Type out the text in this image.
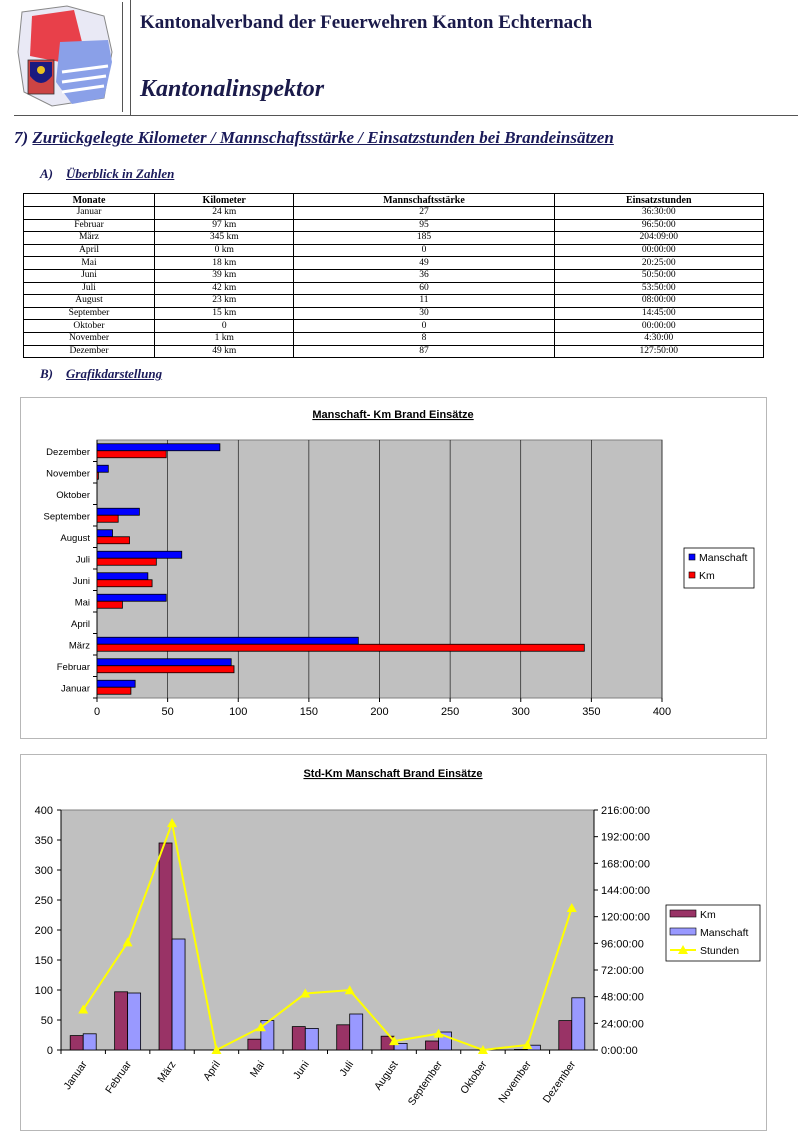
Kantonalverband der Feuerwehren Kanton Echternach
Kantonalinspektor
7) Zurückgelegte Kilometer / Mannschaftsstärke / Einsatzstunden bei Brandeinsätzen
A) Überblick in Zahlen
Monate	Kilometer	Mannschaftsstärke	Einsatzstunden
Januar	24 km	27	36:30:00
Februar	97 km	95	96:50:00
März	345 km	185	204:09:00
April	0 km	0	00:00:00
Mai	18 km	49	20:25:00
Juni	39 km	36	50:50:00
Juli	42 km	60	53:50:00
August	23 km	11	08:00:00
September	15 km	30	14:45:00
Oktober	0	0	00:00:00
November	1 km	8	4:30:00
Dezember	49 km	87	127:50:00
B) Grafikdarstellung
Manschaft- Km Brand Einsätze
0	50	100	150	200	250	300	350	400
Januar
Februar
März
April
Mai
Juni
Juli
August
September
Oktober
November
Dezember
Manschaft
Km
Std-Km Manschaft Brand Einsätze
0
50
100
150
200
250
300
350
400
0:00:00
24:00:00
48:00:00
72:00:00
96:00:00
120:00:00
144:00:00
168:00:00
192:00:00
216:00:00
Januar Februar März April Mai Juni Juli August September Oktober November Dezember
Km
Manschaft
Stunden
